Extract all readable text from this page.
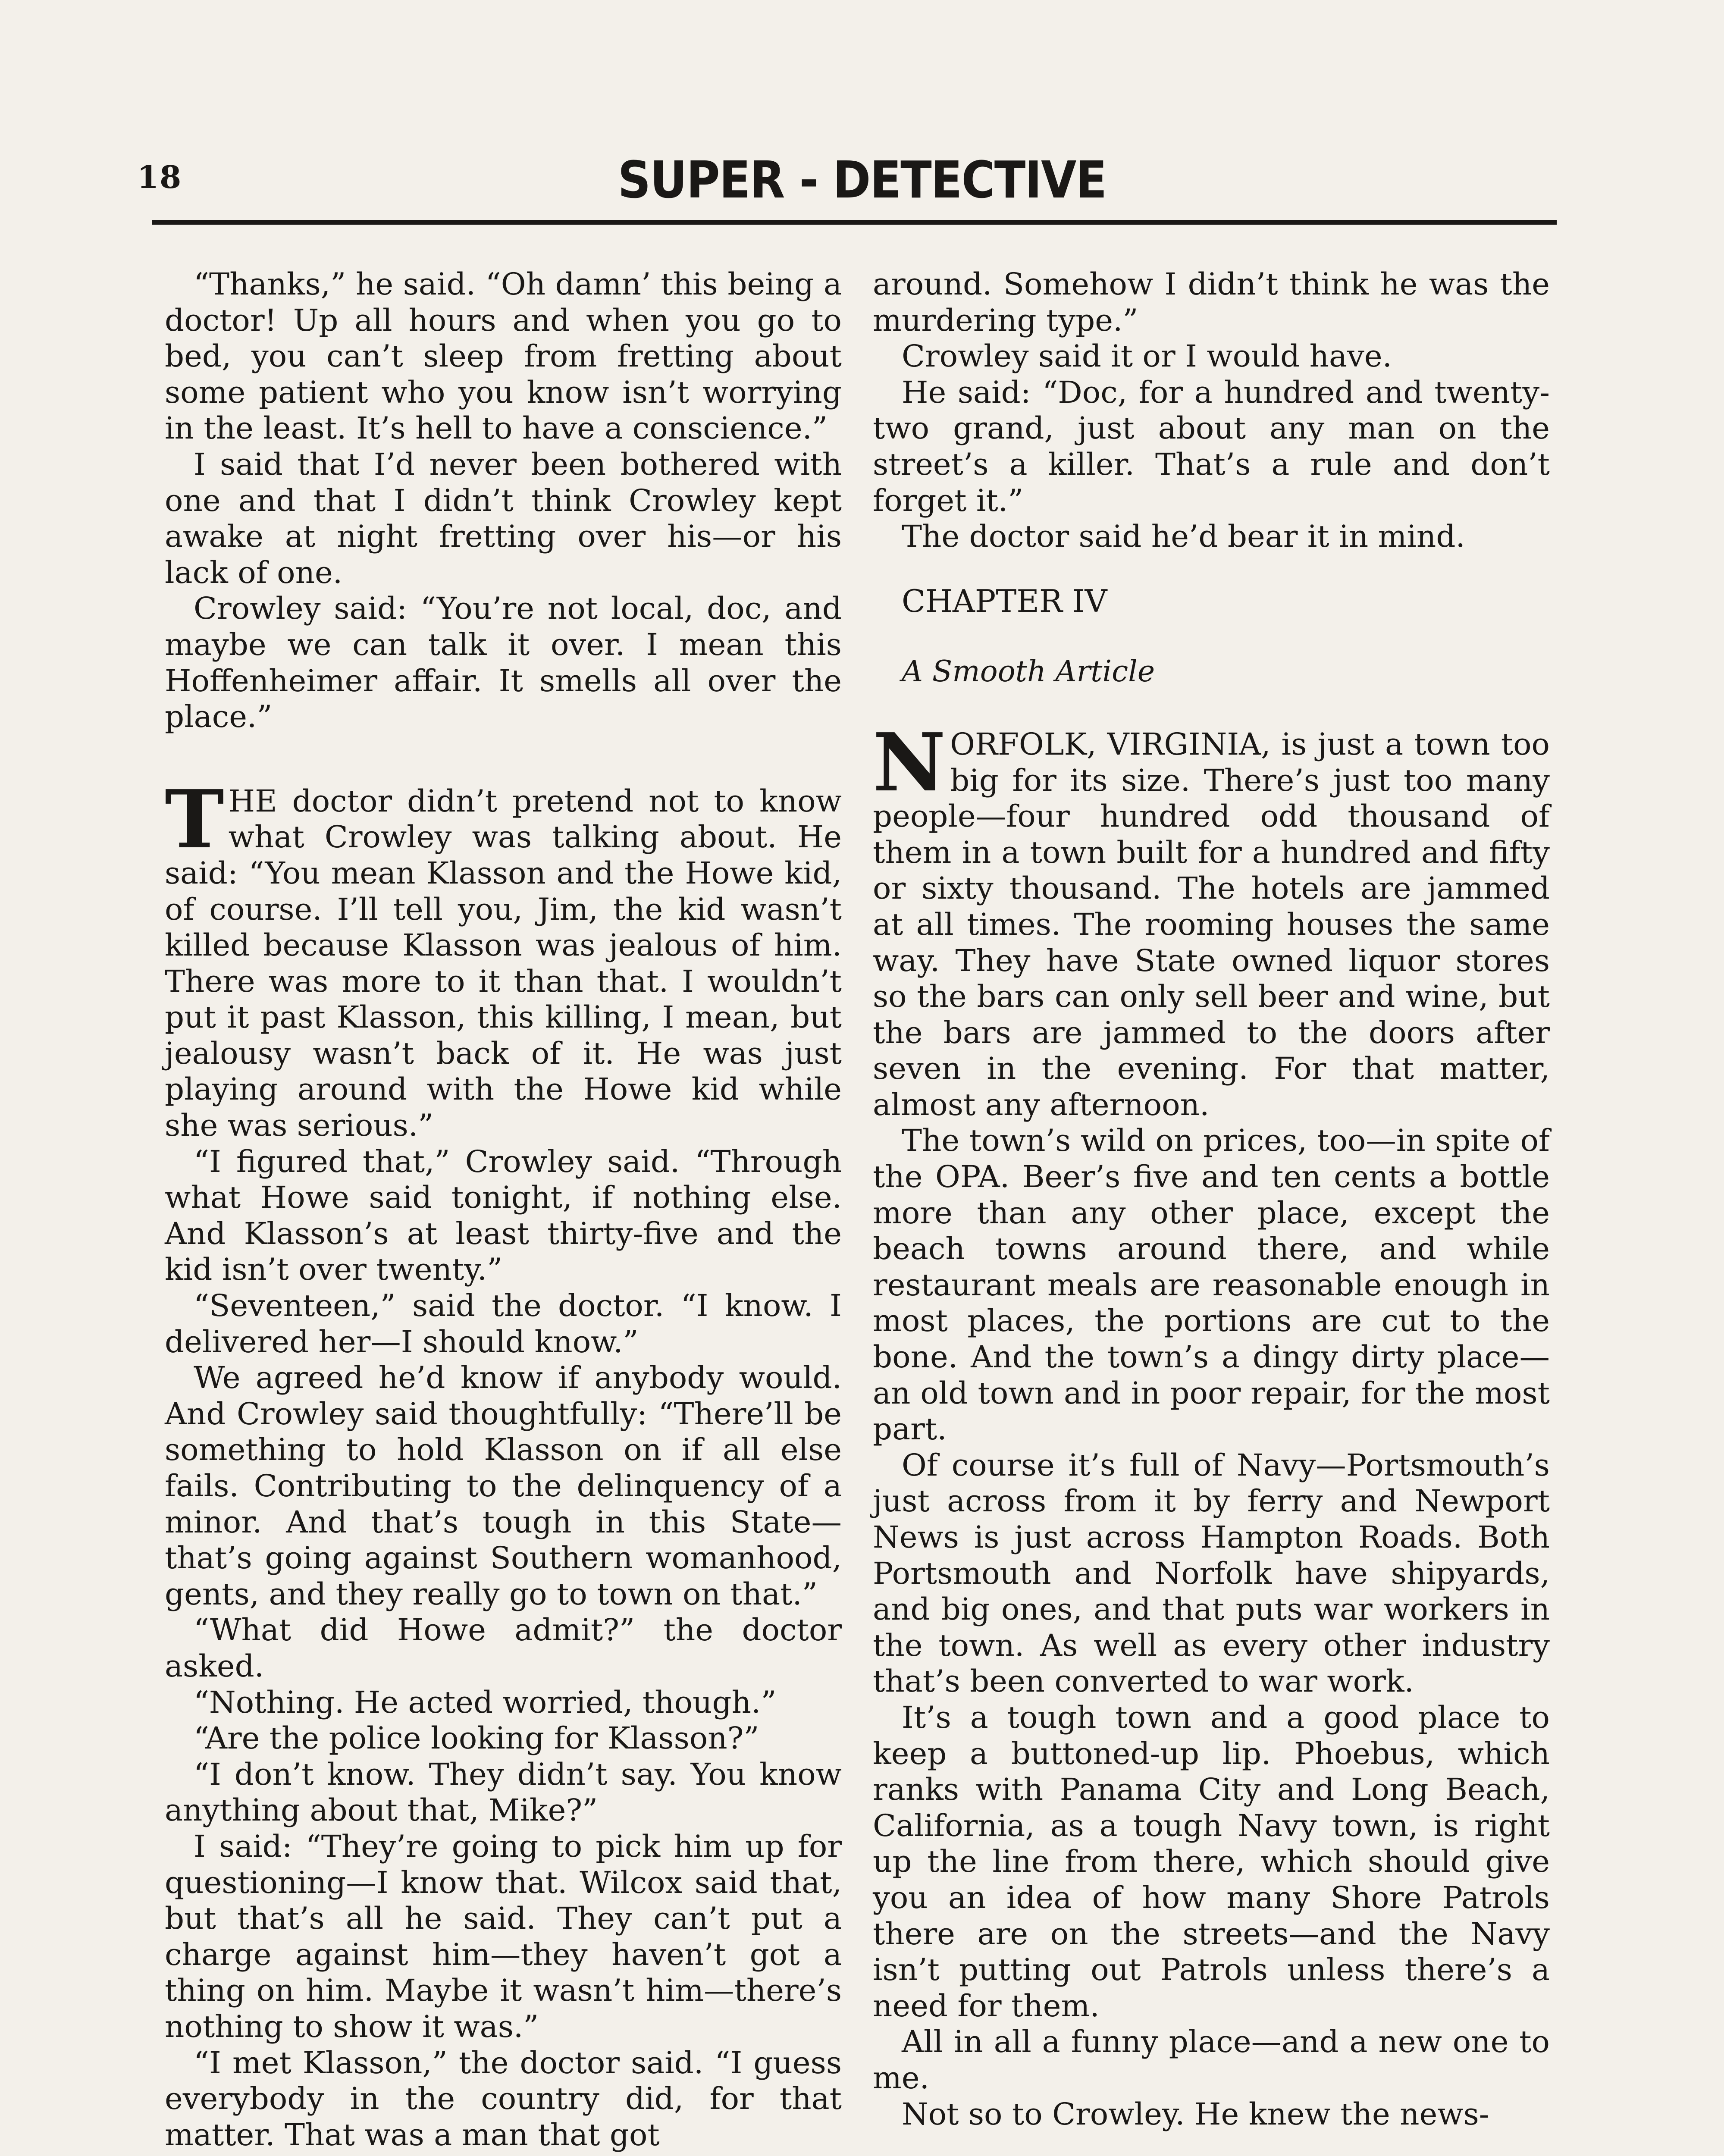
18	SUPER - DETECTIVE

“Thanks,” he said. “Oh damn’ this being a doctor! Up all hours and when you go to bed, you can’t sleep from fretting about some patient who you know isn’t worrying in the least. It’s hell to have a conscience.”

I said that I’d never been bothered with one and that I didn’t think Crowley kept awake at night fretting over his—or his lack of one.

Crowley said: “You’re not local, doc, and maybe we can talk it over. I mean this Hoffenheimer affair. It smells all over the place.”

THE doctor didn’t pretend not to know what Crowley was talking about. He said: “You mean Klasson and the Howe kid, of course. I’ll tell you, Jim, the kid wasn’t killed because Klasson was jealous of him. There was more to it than that. I wouldn’t put it past Klasson, this killing, I mean, but jealousy wasn’t back of it. He was just playing around with the Howe kid while she was serious.”

“I figured that,” Crowley said. “Through what Howe said tonight, if nothing else. And Klasson’s at least thirty-five and the kid isn’t over twenty.”

“Seventeen,” said the doctor. “I know. I delivered her—I should know.”

We agreed he’d know if anybody would. And Crowley said thoughtfully: “There’ll be something to hold Klasson on if all else fails. Contributing to the delinquency of a minor. And that’s tough in this State—that’s going against Southern womanhood, gents, and they really go to town on that.”

“What did Howe admit?” the doctor asked.

“Nothing. He acted worried, though.”

“Are the police looking for Klasson?”

“I don’t know. They didn’t say. You know anything about that, Mike?”

I said: “They’re going to pick him up for questioning—I know that. Wilcox said that, but that’s all he said. They can’t put a charge against him—they haven’t got a thing on him. Maybe it wasn’t him—there’s nothing to show it was.”

“I met Klasson,” the doctor said. “I guess everybody in the country did, for that matter. That was a man that got

around. Somehow I didn’t think he was the murdering type.”

Crowley said it or I would have.

He said: “Doc, for a hundred and twenty-two grand, just about any man on the street’s a killer. That’s a rule and don’t forget it.”

The doctor said he’d bear it in mind.

CHAPTER IV

A Smooth Article

NORFOLK, VIRGINIA, is just a town too big for its size. There’s just too many people—four hundred odd thousand of them in a town built for a hundred and fifty or sixty thousand. The hotels are jammed at all times. The rooming houses the same way. They have State owned liquor stores so the bars can only sell beer and wine, but the bars are jammed to the doors after seven in the evening. For that matter, almost any afternoon.

The town’s wild on prices, too—in spite of the OPA. Beer’s five and ten cents a bottle more than any other place, except the beach towns around there, and while restaurant meals are reasonable enough in most places, the portions are cut to the bone. And the town’s a dingy dirty place—an old town and in poor repair, for the most part.

Of course it’s full of Navy—Portsmouth’s just across from it by ferry and Newport News is just across Hampton Roads. Both Portsmouth and Norfolk have shipyards, and big ones, and that puts war workers in the town. As well as every other industry that’s been converted to war work.

It’s a tough town and a good place to keep a buttoned-up lip. Phoebus, which ranks with Panama City and Long Beach, California, as a tough Navy town, is right up the line from there, which should give you an idea of how many Shore Patrols there are on the streets—and the Navy isn’t putting out Patrols unless there’s a need for them.

All in all a funny place—and a new one to me.

Not so to Crowley. He knew the news-
